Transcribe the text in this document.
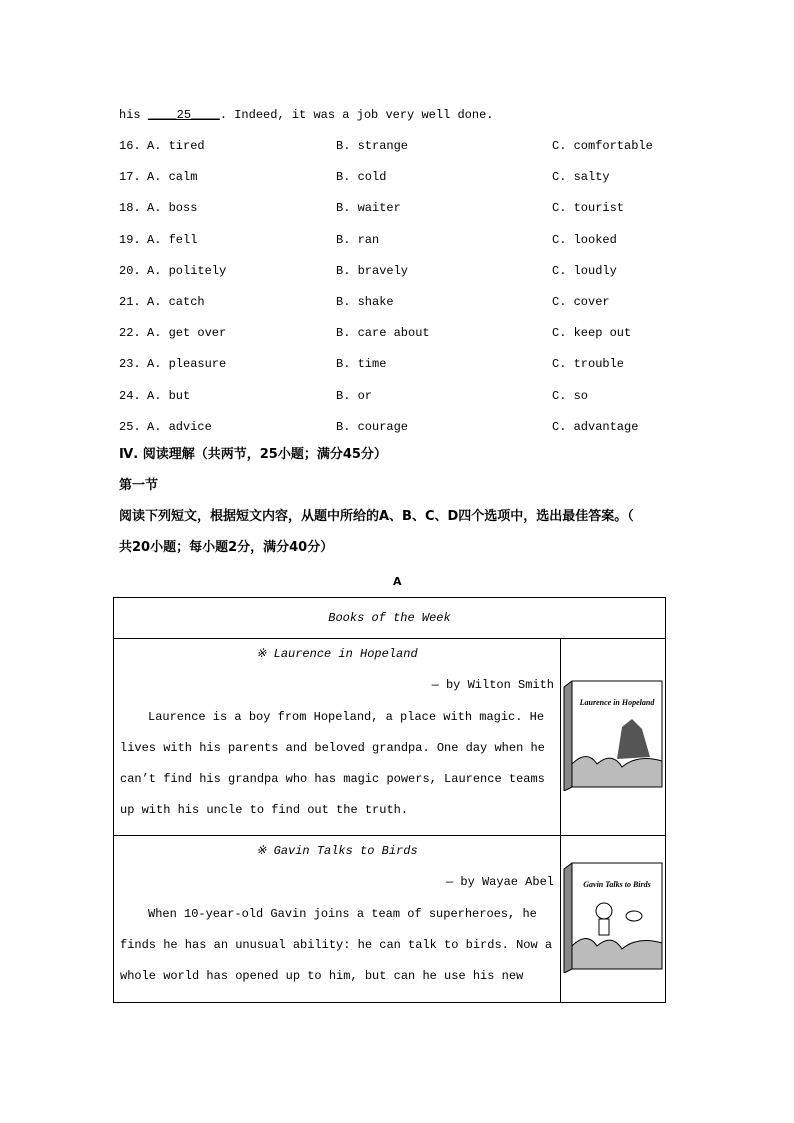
his ____25____. Indeed, it was a job very well done.
16. A. tired	B. strange	C. comfortable
17. A. calm	B. cold	C. salty
18. A. boss	B. waiter	C. tourist
19. A. fell	B. ran	C. looked
20. A. politely	B. bravely	C. loudly
21. A. catch	B. shake	C. cover
22. A. get over	B. care about	C. keep out
23. A. pleasure	B. time	C. trouble
24. A. but	B. or	C. so
25. A. advice	B. courage	C. advantage
Ⅳ. 阅读理解（共两节，25小题；满分45分）
第一节
阅读下列短文，根据短文内容，从题中所给的A、B、C、D四个选项中，选出最佳答案。（
共20小题；每小题2分，满分40分）
A
Books of the Week	

※ Laurence in Hopeland

— by Wilton Smith

Laurence is a boy from Hopeland, a place with magic. He lives with his parents and beloved grandpa. One day when he can’t find his grandpa who has magic powers, Laurence teams up with his uncle to find out the truth.	Laurence in Hopeland

※ Gavin Talks to Birds

— by Wayae Abel

When 10-year-old Gavin joins a team of superheroes, he finds he has an unusual ability: he can talk to birds. Now a whole world has opened up to him, but can he use his new	Gavin Talks to Birds
